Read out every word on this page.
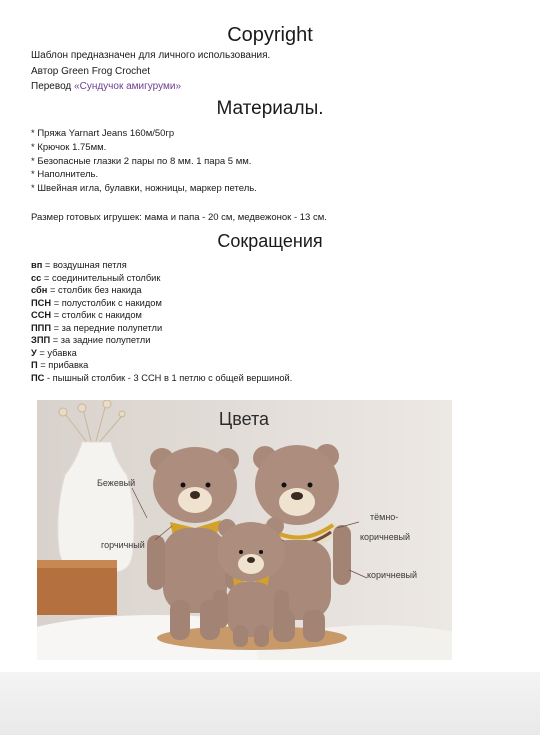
Copyright
Шаблон предназначен для личного использования.
Автор Green Frog Crochet
Перевод «Сундучок амигуруми»
Материалы.
* Пряжа Yarnart Jeans 160м/50гр
* Крючок 1.75мм.
* Безопасные глазки 2 пары по 8 мм. 1 пара 5 мм.
* Наполнитель.
* Швейная игла, булавки, ножницы, маркер петель.
Размер готовых игрушек: мама и папа - 20 см, медвежонок - 13 см.
Сокращения
вп = воздушная петля
сс = соединительный столбик
сбн = столбик без накида
ПСН = полустолбик с накидом
ССН = столбик с накидом
ППП = за передние полупетли
ЗПП = за задние полупетли
У = убавка
П = прибавка
ПС - пышный столбик - 3 ССН в 1 петлю с общей вершиной.
Цвета
Бежевый
горчичный
тёмно-
коричневый
коричневый
